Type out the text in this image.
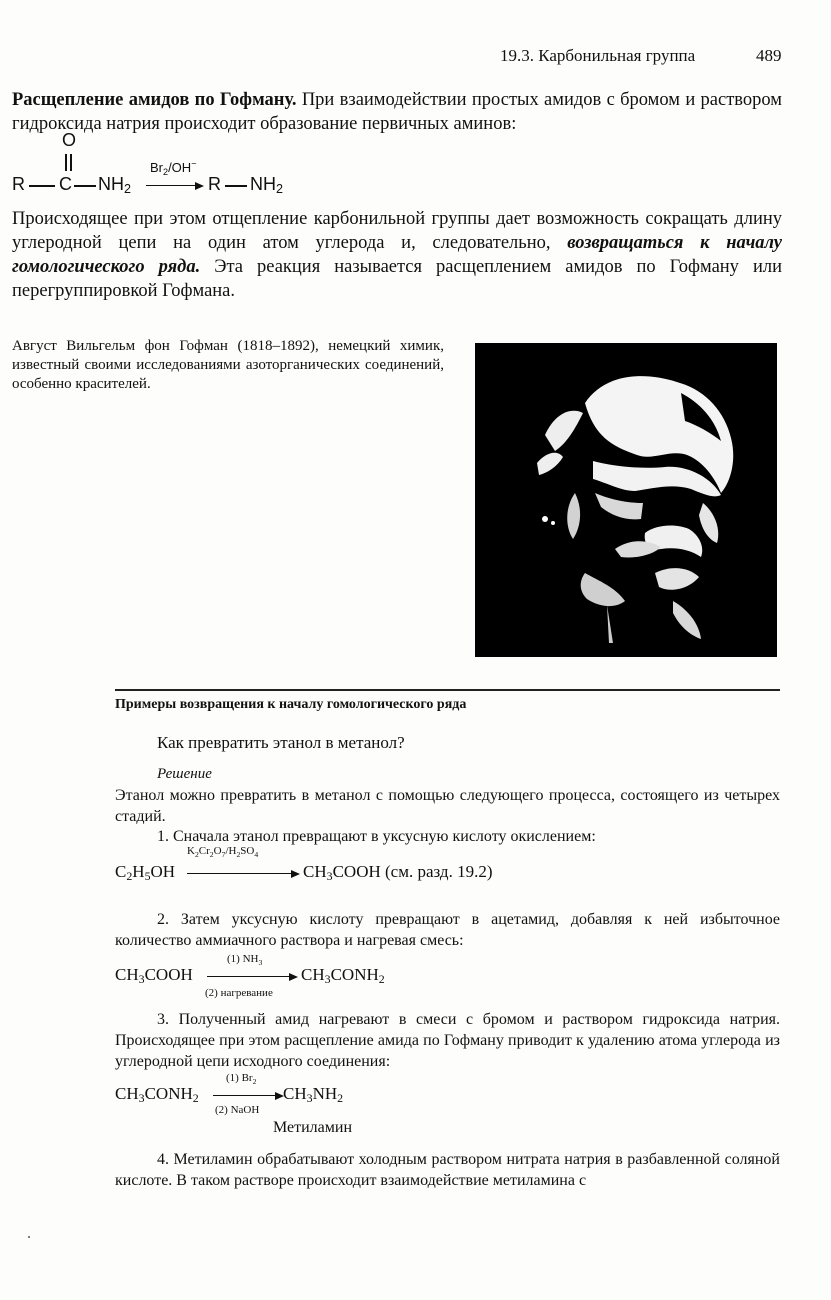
19.3. Карбонильная группа	489
Расщепление амидов по Гофману. При взаимодействии простых амидов с бромом и раствором гидроксида натрия происходит образование первичных аминов:
O
R C $NH_2$
$Br_2/OH^-$
R $NH_2$
Происходящее при этом отщепление карбонильной группы дает возможность сокращать длину углеродной цепи на один атом углерода и, следовательно, возвращаться к началу гомологического ряда. Эта реакция называется расщеплением амидов по Гофману или перегруппировкой Гофмана.
Август Вильгельм фон Гофман (1818–1892), немецкий химик, известный своими исследованиями азоторганических соединений, особенно красителей.
Примеры возвращения к началу гомологического ряда
Как превратить этанол в метанол?
Решение
Этанол можно превратить в метанол с помощью следующего процесса, состоящего из четырех стадий.
1. Сначала этанол превращают в уксусную кислоту окислением:
$K_2Cr_2O_7/H_2SO_4$
$C_2H_5OH$	$CH_3COOH$ (см. разд. 19.2)
2. Затем уксусную кислоту превращают в ацетамид, добавляя к ней избыточное количество аммиачного раствора и нагревая смесь:
(1) $NH_3$
$CH_3COOH$	$CH_3CONH_2$
(2) нагревание
3. Полученный амид нагревают в смеси с бромом и раствором гидроксида натрия. Происходящее при этом расщепление амида по Гофману приводит к удалению атома углерода из углеродной цепи исходного соединения:
(1) $Br_2$
$CH_3CONH_2$	$CH_3NH_2$
(2) NaOH
Метиламин
4. Метиламин обрабатывают холодным раствором нитрата натрия в разбавленной соляной кислоте. В таком растворе происходит взаимодействие метиламина с
